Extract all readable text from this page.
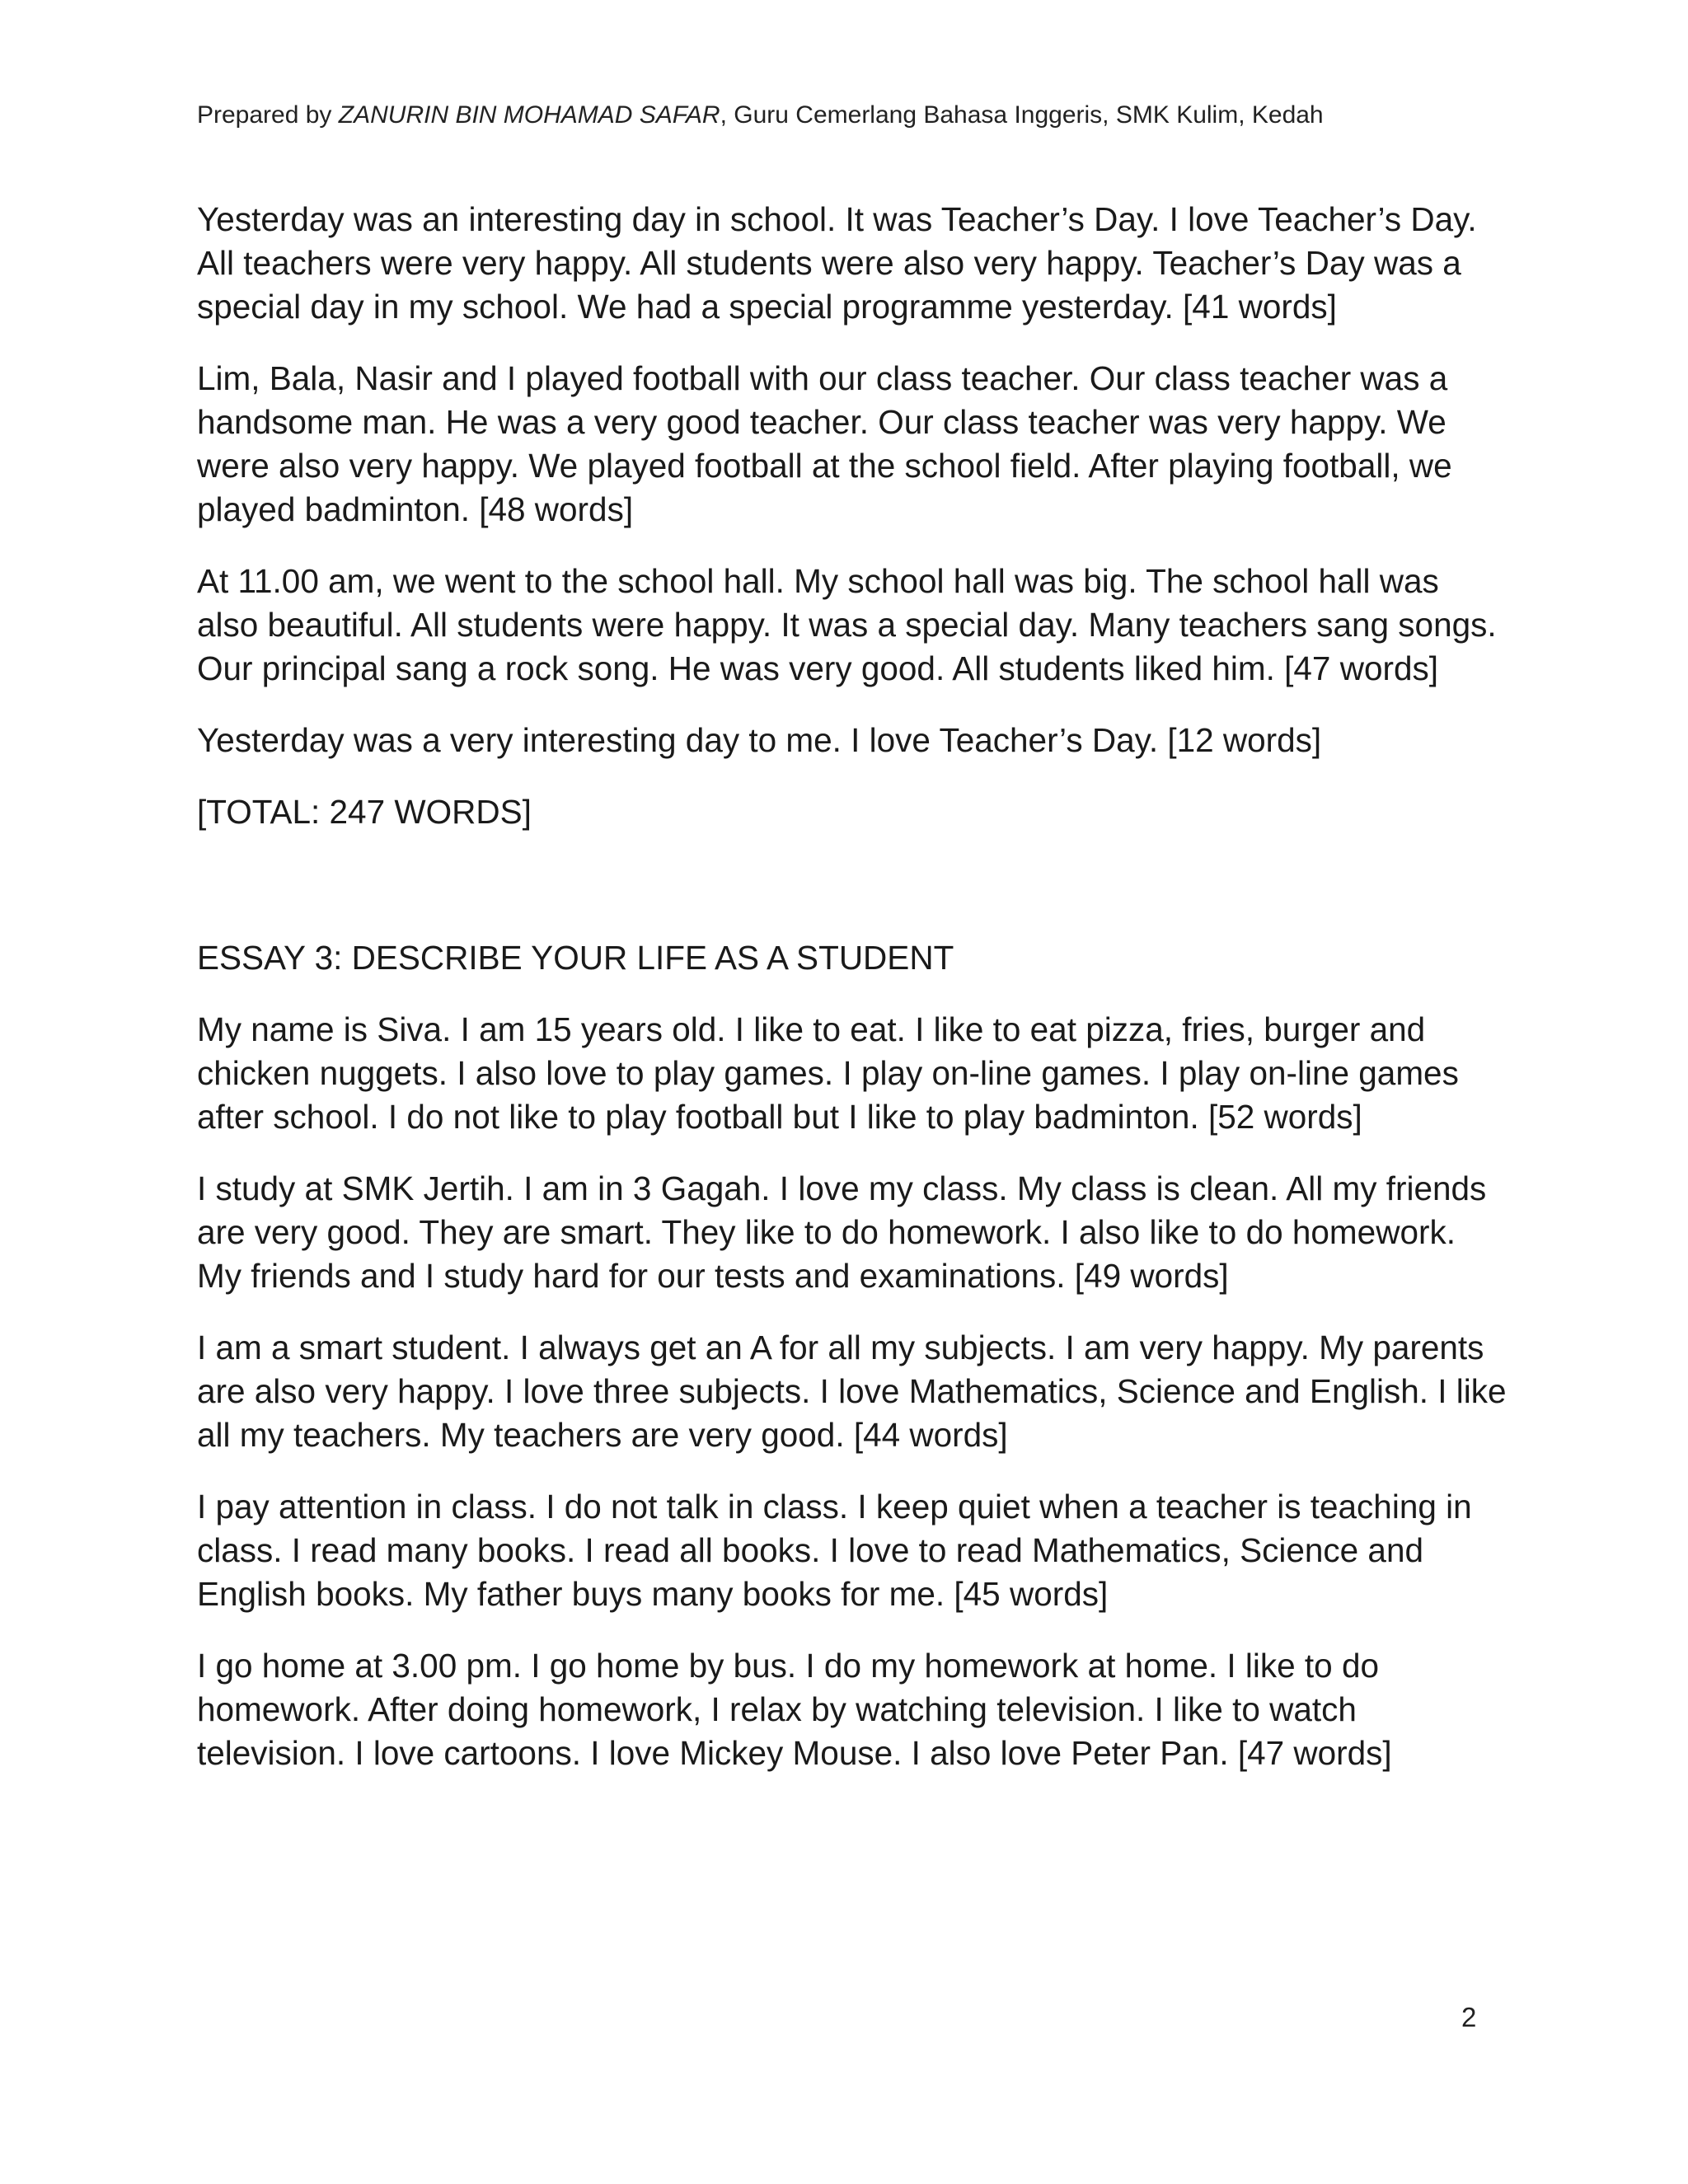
Prepared by ZANURIN BIN MOHAMAD SAFAR, Guru Cemerlang Bahasa Inggeris, SMK Kulim, Kedah

Yesterday was an interesting day in school. It was Teacher’s Day. I love Teacher’s Day. All teachers were very happy. All students were also very happy. Teacher’s Day was a special day in my school. We had a special programme yesterday. [41 words]

Lim, Bala, Nasir and I played football with our class teacher. Our class teacher was a handsome man. He was a very good teacher. Our class teacher was very happy. We were also very happy. We played football at the school field. After playing football, we played badminton. [48 words]

At 11.00 am, we went to the school hall. My school hall was big. The school hall was also beautiful. All students were happy. It was a special day. Many teachers sang songs. Our principal sang a rock song. He was very good. All students liked him. [47 words]

Yesterday was a very interesting day to me. I love Teacher’s Day. [12 words]

[TOTAL: 247 WORDS]

ESSAY 3: DESCRIBE YOUR LIFE AS A STUDENT

My name is Siva. I am 15 years old. I like to eat. I like to eat pizza, fries, burger and chicken nuggets. I also love to play games. I play on-line games. I play on-line games after school. I do not like to play football but I like to play badminton. [52 words]

I study at SMK Jertih. I am in 3 Gagah. I love my class. My class is clean. All my friends are very good. They are smart. They like to do homework. I also like to do homework. My friends and I study hard for our tests and examinations. [49 words]

I am a smart student. I always get an A for all my subjects. I am very happy. My parents are also very happy. I love three subjects. I love Mathematics, Science and English. I like all my teachers. My teachers are very good. [44 words]

I pay attention in class. I do not talk in class. I keep quiet when a teacher is teaching in class. I read many books. I read all books. I love to read Mathematics, Science and English books. My father buys many books for me. [45 words]

I go home at 3.00 pm. I go home by bus. I do my homework at home. I like to do homework. After doing homework, I relax by watching television. I like to watch television. I love cartoons. I love Mickey Mouse. I also love Peter Pan. [47 words]

2
